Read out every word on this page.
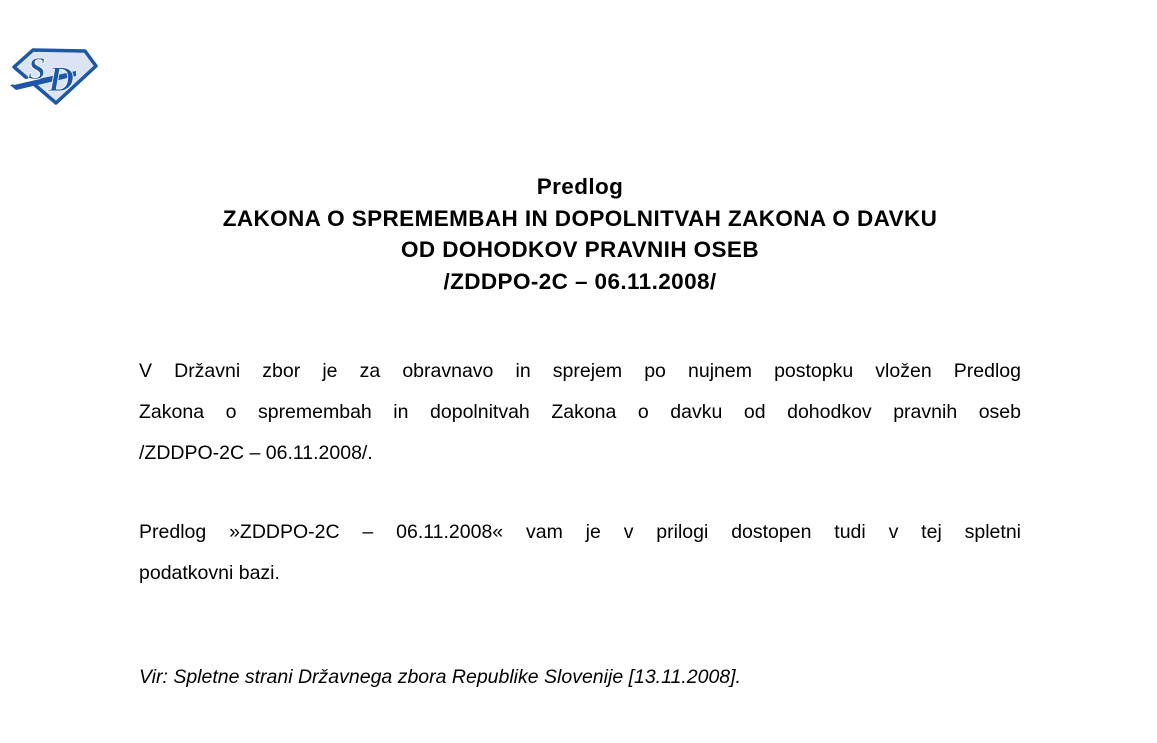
S D
Predlog
ZAKONA O SPREMEMBAH IN DOPOLNITVAH ZAKONA O DAVKU
OD DOHODKOV PRAVNIH OSEB
/ZDDPO-2C – 06.11.2008/
V Državni zbor je za obravnavo in sprejem po nujnem postopku vložen Predlog
Zakona o spremembah in dopolnitvah Zakona o davku od dohodkov pravnih oseb
/ZDDPO-2C – 06.11.2008/.
Predlog »ZDDPO-2C – 06.11.2008« vam je v prilogi dostopen tudi v tej spletni
podatkovni bazi.
Vir: Spletne strani Državnega zbora Republike Slovenije [13.11.2008].
